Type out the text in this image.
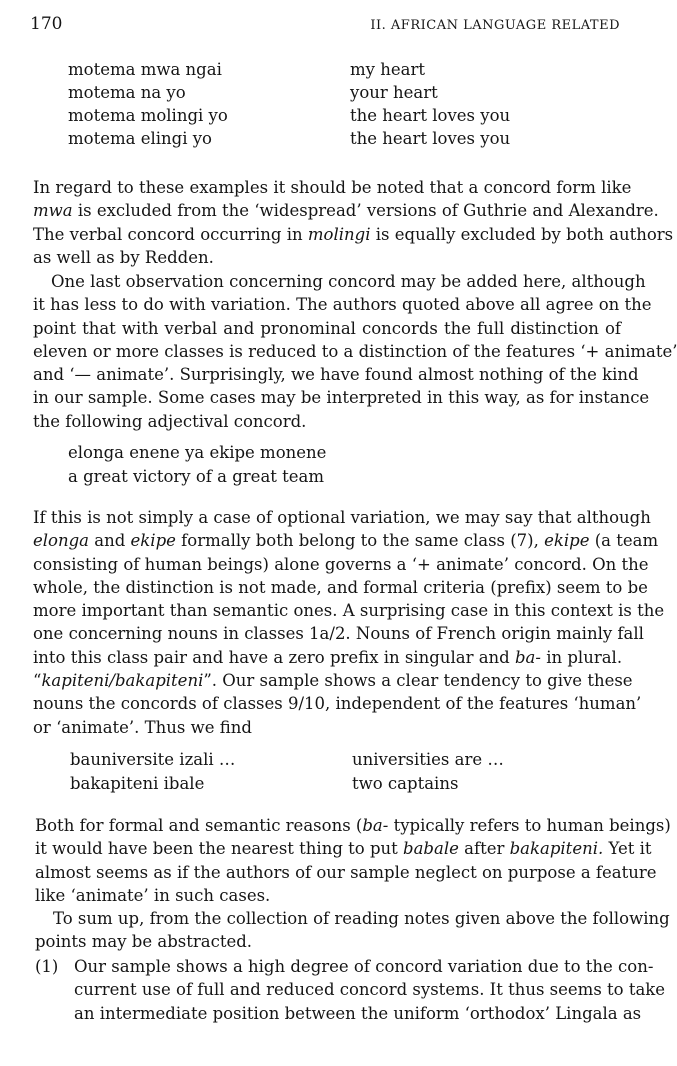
170	II. AFRICAN LANGUAGE RELATED
motema mwa ngai	my heart
motema na yo	your heart
motema molingi yo	the heart loves you
motema elingi yo	the heart loves you
In regard to these examples it should be noted that a concord form like
mwa is excluded from the ‘widespread’ versions of Guthrie and Alexandre.
The verbal concord occurring in molingi is equally excluded by both authors
as well as by Redden.
One last observation concerning concord may be added here, although
it has less to do with variation. The authors quoted above all agree on the
point that with verbal and pronominal concords the full distinction of
eleven or more classes is reduced to a distinction of the features ‘+ animate’
and ‘— animate’. Surprisingly, we have found almost nothing of the kind
in our sample. Some cases may be interpreted in this way, as for instance
the following adjectival concord.
elonga enene ya ekipe monene
a great victory of a great team
If this is not simply a case of optional variation, we may say that although
elonga and ekipe formally both belong to the same class (7), ekipe (a team
consisting of human beings) alone governs a ‘+ animate’ concord. On the
whole, the distinction is not made, and formal criteria (prefix) seem to be
more important than semantic ones. A surprising case in this context is the
one concerning nouns in classes 1a/2. Nouns of French origin mainly fall
into this class pair and have a zero prefix in singular and ba- in plural.
“kapiteni/bakapiteni”. Our sample shows a clear tendency to give these
nouns the concords of classes 9/10, independent of the features ‘human’
or ‘animate’. Thus we find
bauniversite izali …	universities are …
bakapiteni ibale	two captains
Both for formal and semantic reasons (ba- typically refers to human beings)
it would have been the nearest thing to put babale after bakapiteni. Yet it
almost seems as if the authors of our sample neglect on purpose a feature
like ‘animate’ in such cases.
To sum up, from the collection of reading notes given above the following
points may be abstracted.
(1) Our sample shows a high degree of concord variation due to the con-
current use of full and reduced concord systems. It thus seems to take
an intermediate position between the uniform ‘orthodox’ Lingala as
